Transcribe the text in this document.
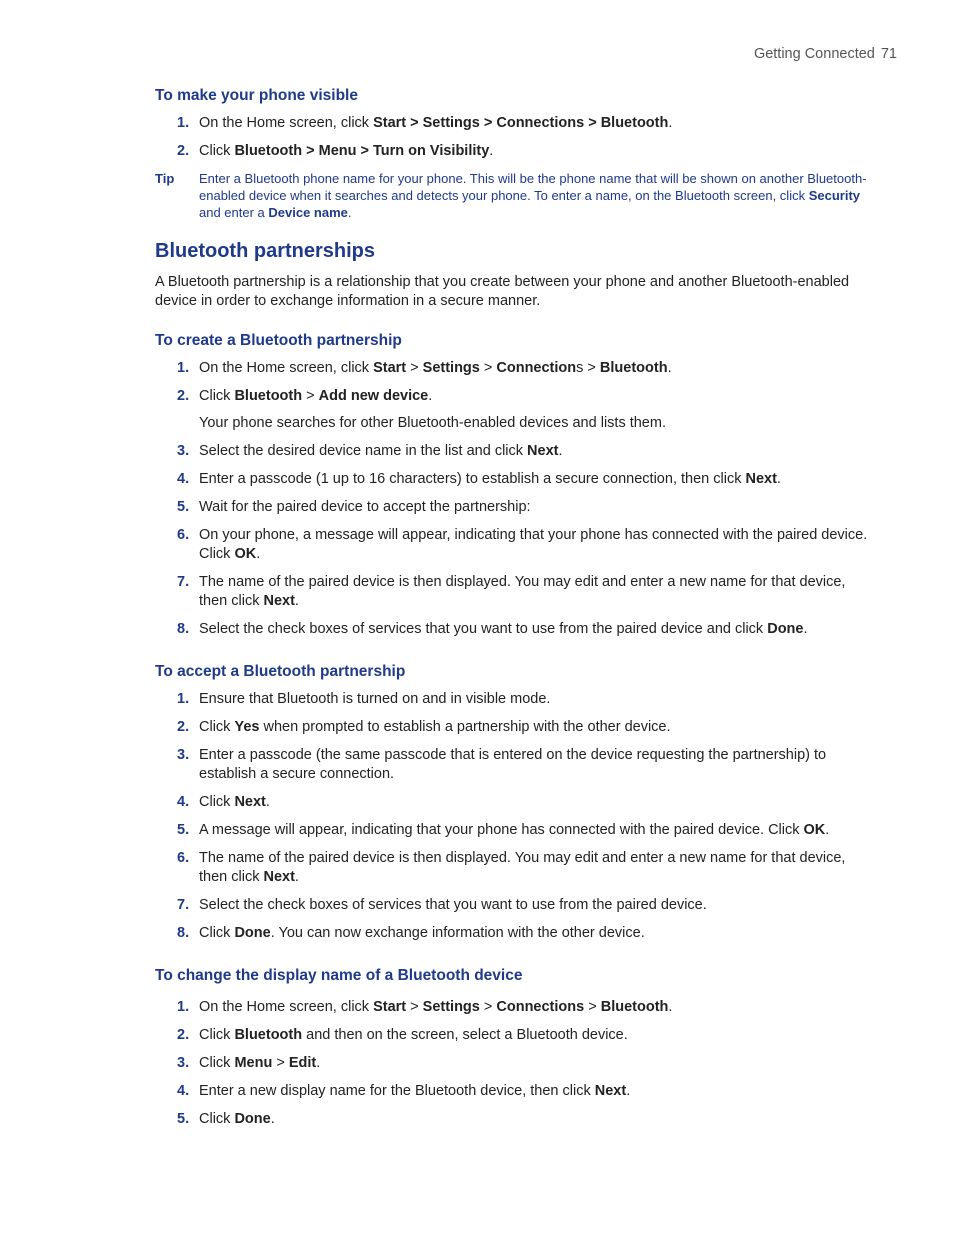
Getting Connected 71
To make your phone visible
1. On the Home screen, click Start > Settings > Connections > Bluetooth.
2. Click Bluetooth > Menu > Turn on Visibility.
Tip Enter a Bluetooth phone name for your phone. This will be the phone name that will be shown on another Bluetooth-enabled device when it searches and detects your phone. To enter a name, on the Bluetooth screen, click Security and enter a Device name.
Bluetooth partnerships

A Bluetooth partnership is a relationship that you create between your phone and another Bluetooth-enabled device in order to exchange information in a secure manner.

To create a Bluetooth partnership
1. On the Home screen, click Start > Settings > Connections > Bluetooth.
2. Click Bluetooth > Add new device.
Your phone searches for other Bluetooth-enabled devices and lists them.
3. Select the desired device name in the list and click Next.
4. Enter a passcode (1 up to 16 characters) to establish a secure connection, then click Next.
5. Wait for the paired device to accept the partnership:
6. On your phone, a message will appear, indicating that your phone has connected with the paired device. Click OK.
7. The name of the paired device is then displayed. You may edit and enter a new name for that device, then click Next.
8. Select the check boxes of services that you want to use from the paired device and click Done.
To accept a Bluetooth partnership
1. Ensure that Bluetooth is turned on and in visible mode.
2. Click Yes when prompted to establish a partnership with the other device.
3. Enter a passcode (the same passcode that is entered on the device requesting the partnership) to establish a secure connection.
4. Click Next.
5. A message will appear, indicating that your phone has connected with the paired device. Click OK.
6. The name of the paired device is then displayed. You may edit and enter a new name for that device, then click Next.
7. Select the check boxes of services that you want to use from the paired device.
8. Click Done. You can now exchange information with the other device.
To change the display name of a Bluetooth device
1. On the Home screen, click Start > Settings > Connections > Bluetooth.
2. Click Bluetooth and then on the screen, select a Bluetooth device.
3. Click Menu > Edit.
4. Enter a new display name for the Bluetooth device, then click Next.
5. Click Done.
